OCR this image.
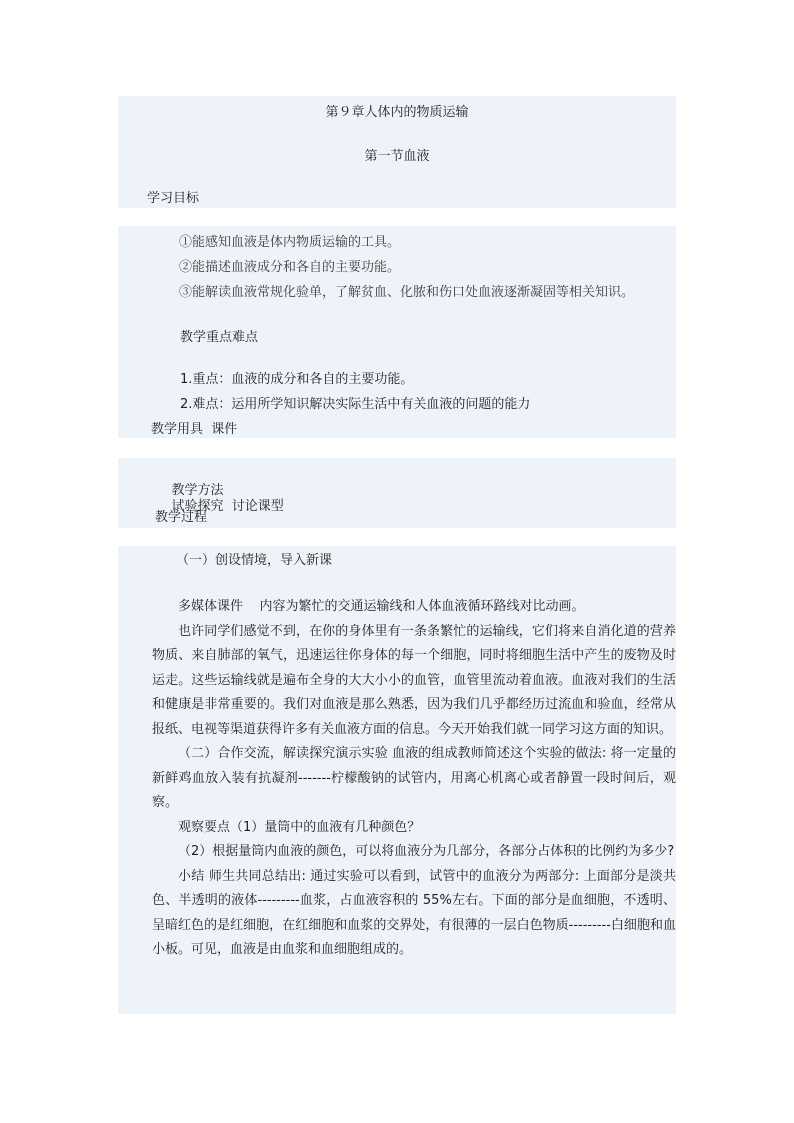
第９章人体内的物质运输
第一节血液
学习目标
①能感知血液是体内物质运输的工具。
②能描述血液成分和各自的主要功能。
③能解读血液常规化验单，了解贫血、化脓和伤口处血液逐渐凝固等相关知识。
教学重点难点
1.重点：血液的成分和各自的主要功能。
2.难点：运用所学知识解决实际生活中有关血液的问题的能力
教学用具 课件

教学方法
试验探究  讨论课型

教学过程
（一）创设情境，导入新课

多媒体课件    内容为繁忙的交通运输线和人体血液循环路线对比动画。

也许同学们感觉不到，在你的身体里有一条条繁忙的运输线，它们将来自消化道的营养物质、来自肺部的氧气，迅速运往你身体的每一个细胞，同时将细胞生活中产生的废物及时运走。这些运输线就是遍布全身的大大小小的血管，血管里流动着血液。血液对我们的生活和健康是非常重要的。我们对血液是那么熟悉，因为我们几乎都经历过流血和验血，经常从报纸、电视等渠道获得许多有关血液方面的信息。今天开始我们就一同学习这方面的知识。

（二）合作交流，解读探究演示实验 血液的组成教师简述这个实验的做法: 将一定量的新鲜鸡血放入装有抗凝剂-------柠檬酸钠的试管内，用离心机离心或者静置一段时间后，观察。

观察要点（1）量筒中的血液有几种颜色？

（2）根据量筒内血液的颜色，可以将血液分为几部分，各部分占体积的比例约为多少?

小结 师生共同总结出: 通过实验可以看到，试管中的血液分为两部分: 上面部分是淡共色、半透明的液体---------血浆，占血液容积的 55%左右。下面的部分是血细胞，不透明、呈暗红色的是红细胞，在红细胞和血浆的交界处，有很薄的一层白色物质---------白细胞和血小板。可见，血液是由血浆和血细胞组成的。
